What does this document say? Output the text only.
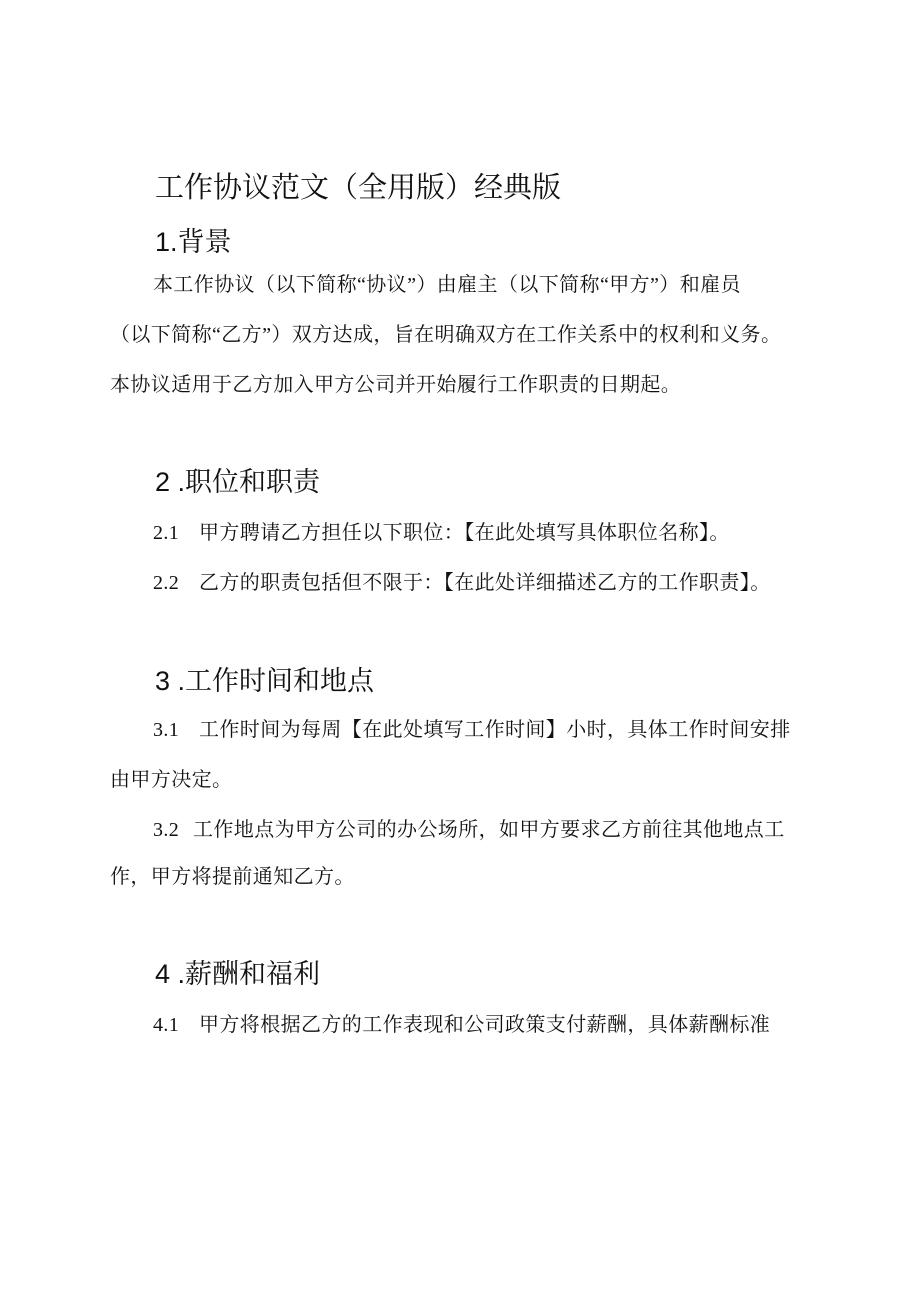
工作协议范文（全用版）经典版
1.背景
本工作协议（以下简称“协议”）由雇主（以下简称“甲方”）和雇员
（以下简称“乙方”）双方达成，旨在明确双方在工作关系中的权利和义务。
本协议适用于乙方加入甲方公司并开始履行工作职责的日期起。
2 .职位和职责
2.1 甲方聘请乙方担任以下职位：【在此处填写具体职位名称】。
2.2 乙方的职责包括但不限于：【在此处详细描述乙方的工作职责】。
3 .工作时间和地点
3.1 工作时间为每周【在此处填写工作时间】小时，具体工作时间安排
由甲方决定。
3.2 工作地点为甲方公司的办公场所，如甲方要求乙方前往其他地点工
作，甲方将提前通知乙方。
4 .薪酬和福利
4.1 甲方将根据乙方的工作表现和公司政策支付薪酬，具体薪酬标准
